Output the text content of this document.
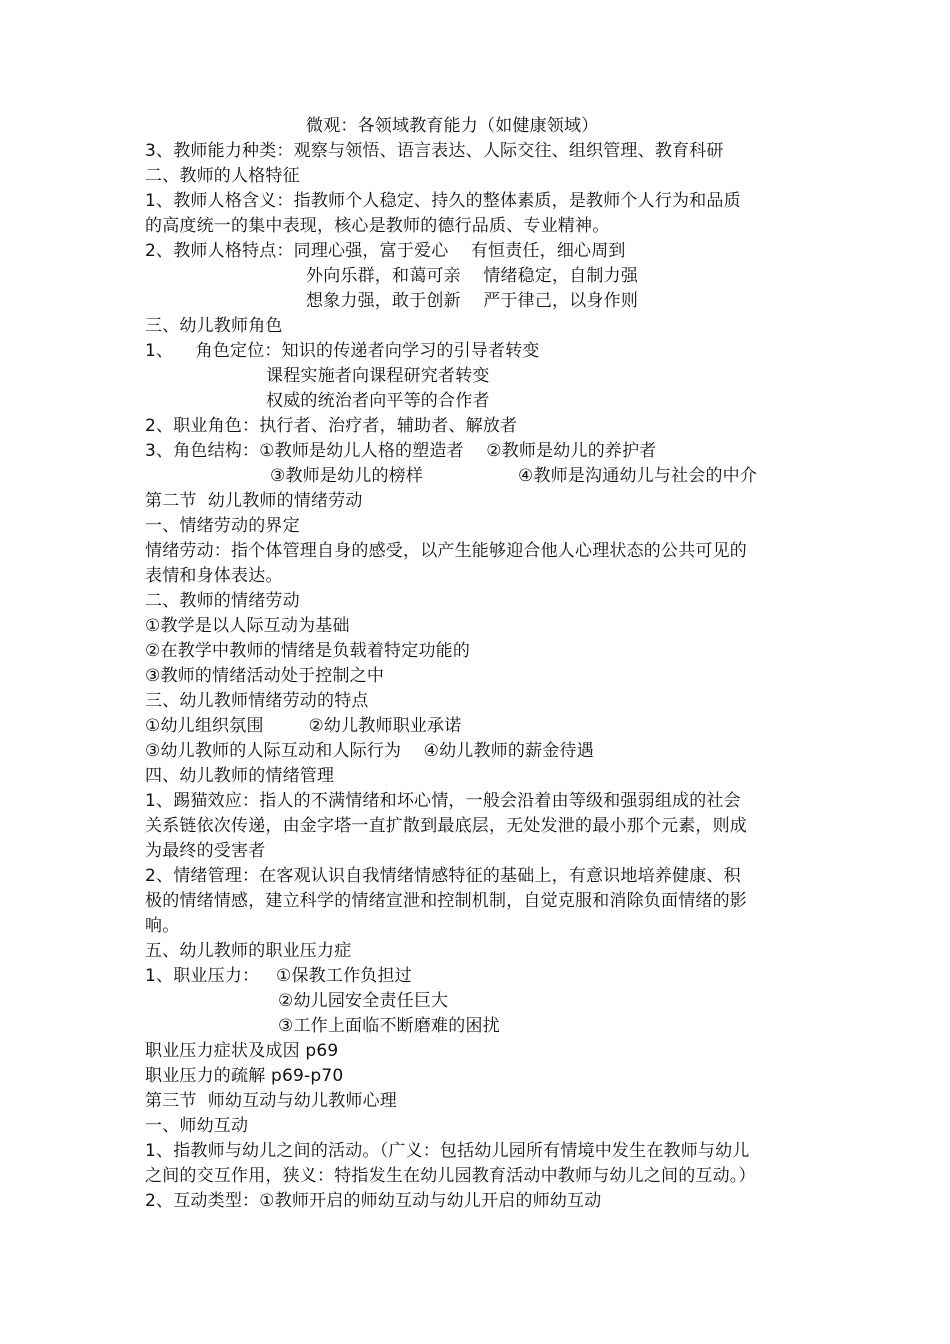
微观：各领域教育能力（如健康领域）
3、教师能力种类：观察与领悟、语言表达、人际交往、组织管理、教育科研
二、教师的人格特征
1、教师人格含义：指教师个人稳定、持久的整体素质，是教师个人行为和品质
的高度统一的集中表现，核心是教师的德行品质、专业精神。
2、教师人格特点：同理心强，富于爱心    有恒责任，细心周到
外向乐群，和蔼可亲    情绪稳定，自制力强
想象力强，敢于创新    严于律己，以身作则
三、幼儿教师角色
1、    角色定位：知识的传递者向学习的引导者转变
课程实施者向课程研究者转变
权威的统治者向平等的合作者
2、职业角色：执行者、治疗者，辅助者、解放者
3、角色结构：①教师是幼儿人格的塑造者    ②教师是幼儿的养护者
③教师是幼儿的榜样	④教师是沟通幼儿与社会的中介
第二节  幼儿教师的情绪劳动
一、情绪劳动的界定
情绪劳动：指个体管理自身的感受，以产生能够迎合他人心理状态的公共可见的
表情和身体表达。
二、教师的情绪劳动
①教学是以人际互动为基础
②在教学中教师的情绪是负载着特定功能的
③教师的情绪活动处于控制之中
三、幼儿教师情绪劳动的特点
①幼儿组织氛围        ②幼儿教师职业承诺
③幼儿教师的人际互动和人际行为    ④幼儿教师的薪金待遇
四、幼儿教师的情绪管理
1、踢猫效应：指人的不满情绪和坏心情，一般会沿着由等级和强弱组成的社会
关系链依次传递，由金字塔一直扩散到最底层，无处发泄的最小那个元素，则成
为最终的受害者
2、情绪管理：在客观认识自我情绪情感特征的基础上，有意识地培养健康、积
极的情绪情感，建立科学的情绪宣泄和控制机制，自觉克服和消除负面情绪的影
响。
五、幼儿教师的职业压力症
1、职业压力：   ①保教工作负担过
②幼儿园安全责任巨大
③工作上面临不断磨难的困扰
职业压力症状及成因 p69
职业压力的疏解 p69-p70
第三节  师幼互动与幼儿教师心理
一、师幼互动
1、指教师与幼儿之间的活动。（广义：包括幼儿园所有情境中发生在教师与幼儿
之间的交互作用，狭义：特指发生在幼儿园教育活动中教师与幼儿之间的互动。）
2、互动类型：①教师开启的师幼互动与幼儿开启的师幼互动
